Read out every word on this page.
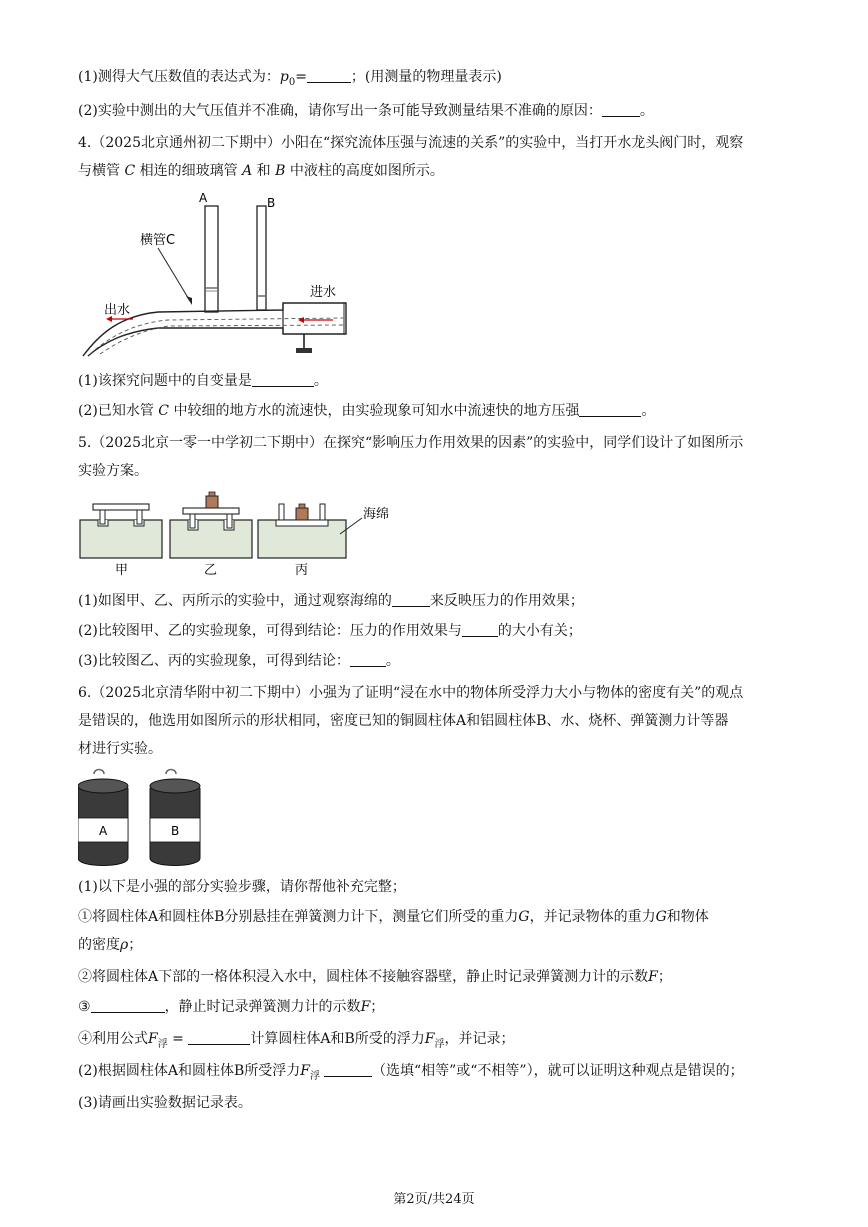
(1)测得大气压数值的表达式为：$p_0=$	；(用测量的物理量表示)
(2)实验中测出的大气压值并不准确，请你写出一条可能导致测量结果不准确的原因：	。
4.（2025北京通州初二下期中）小阳在“探究流体压强与流速的关系”的实验中，当打开水龙头阀门时，观察
与横管 C 相连的细玻璃管 A 和 B 中液柱的高度如图所示。
A	B
横管C
出水
进水
(1)该探究问题中的自变量是	。
(2)已知水管 C 中较细的地方水的流速快，由实验现象可知水中流速快的地方压强	。
5.（2025北京一零一中学初二下期中）在探究“影响压力作用效果的因素”的实验中，同学们设计了如图所示
实验方案。
海绵
甲	乙	丙
(1)如图甲、乙、丙所示的实验中，通过观察海绵的	来反映压力的作用效果；
(2)比较图甲、乙的实验现象，可得到结论：压力的作用效果与	的大小有关；
(3)比较图乙、丙的实验现象，可得到结论：	。
6.（2025北京清华附中初二下期中）小强为了证明“浸在水中的物体所受浮力大小与物体的密度有关”的观点
是错误的，他选用如图所示的形状相同，密度已知的铜圆柱体A和铝圆柱体B、水、烧杯、弹簧测力计等器
材进行实验。
A	B
(1)以下是小强的部分实验步骤，请你帮他补充完整；
①将圆柱体A和圆柱体B分别悬挂在弹簧测力计下，测量它们所受的重力G，并记录物体的重力G和物体
的密度ρ；
②将圆柱体A下部的一格体积浸入水中，圆柱体不接触容器壁，静止时记录弹簧测力计的示数F；
③	，静止时记录弹簧测力计的示数F；
④利用公式$F_浮$ =	计算圆柱体A和B所受的浮力$F_浮$，并记录；
(2)根据圆柱体A和圆柱体B所受浮力$F_浮$	（选填“相等”或“不相等”），就可以证明这种观点是错误的；
(3)请画出实验数据记录表。
第2页/共24页
